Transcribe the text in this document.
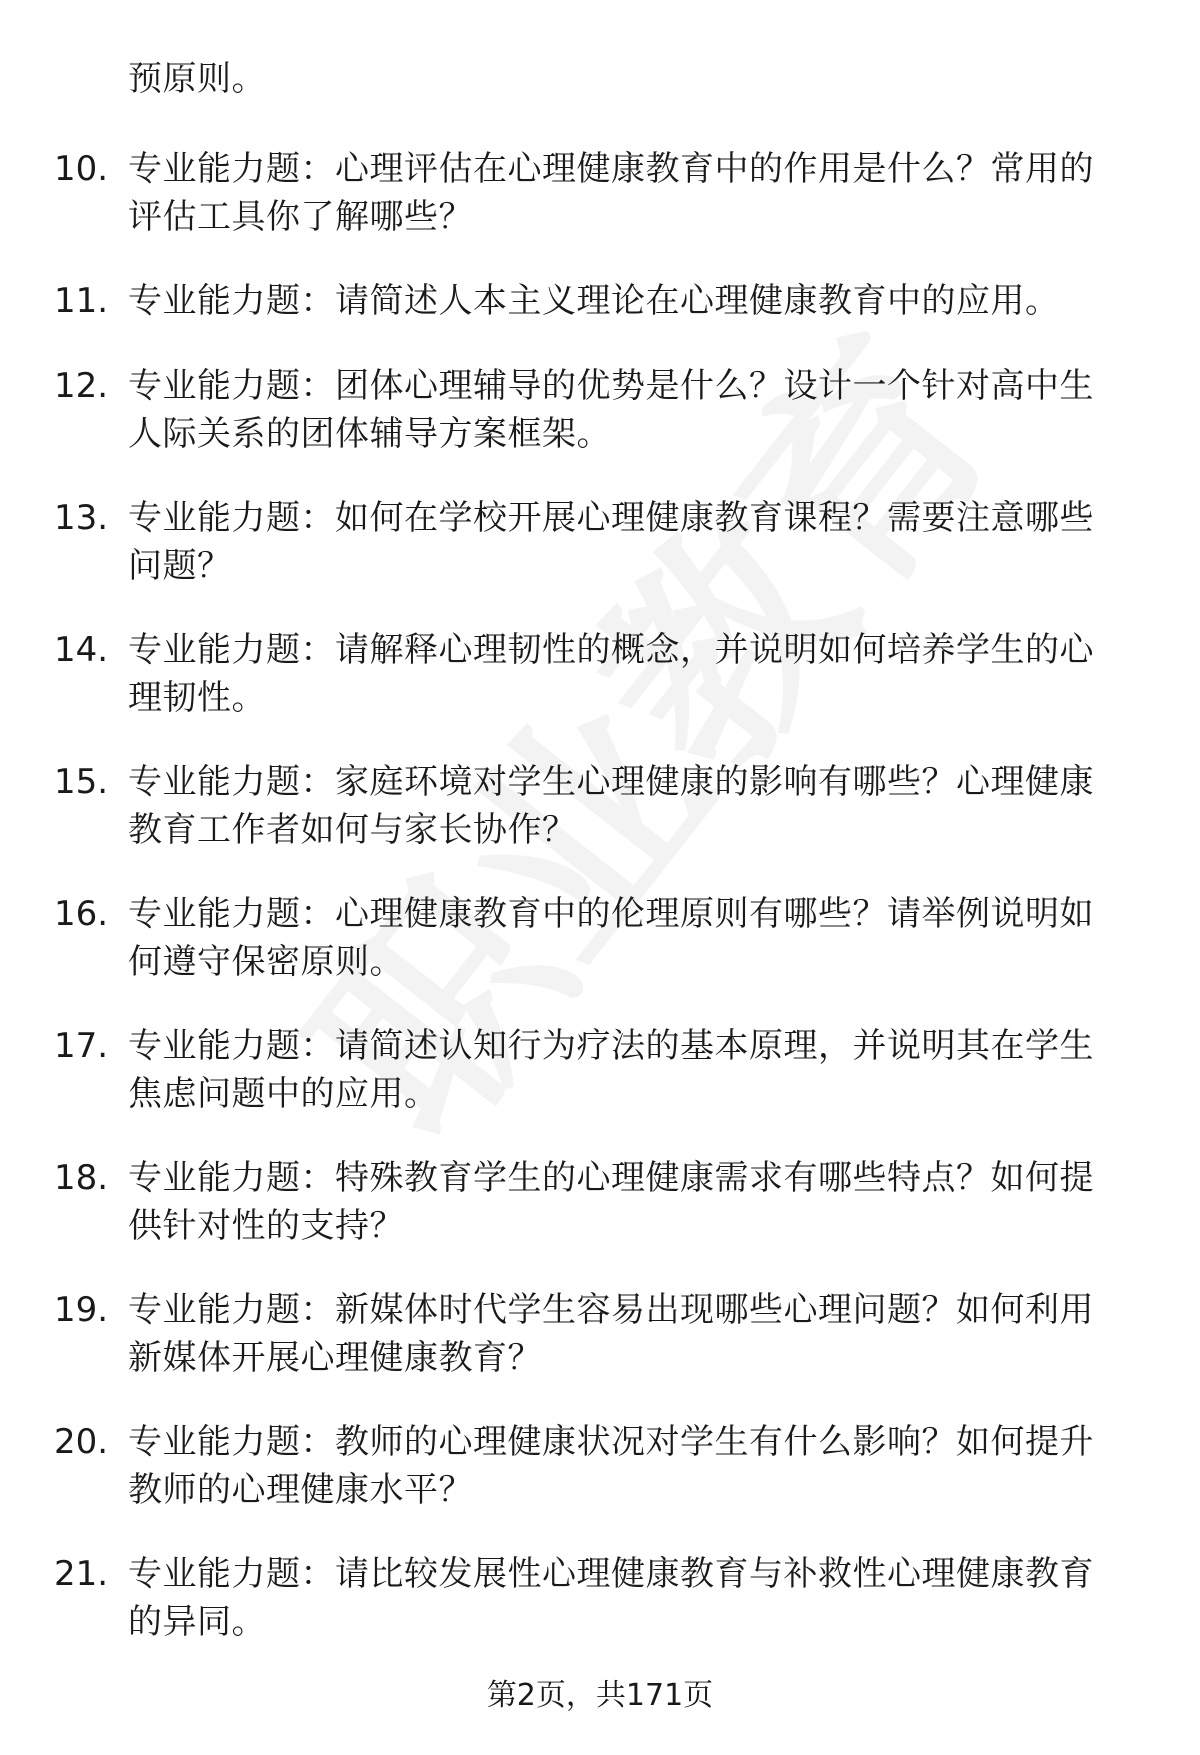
预原则。
10. 专业能力题：心理评估在心理健康教育中的作用是什么？常用的
评估工具你了解哪些？
11. 专业能力题：请简述人本主义理论在心理健康教育中的应用。
12. 专业能力题：团体心理辅导的优势是什么？设计一个针对高中生
人际关系的团体辅导方案框架。
13. 专业能力题：如何在学校开展心理健康教育课程？需要注意哪些
问题？
14. 专业能力题：请解释心理韧性的概念，并说明如何培养学生的心
理韧性。
15. 专业能力题：家庭环境对学生心理健康的影响有哪些？心理健康
教育工作者如何与家长协作？
16. 专业能力题：心理健康教育中的伦理原则有哪些？请举例说明如
何遵守保密原则。
17. 专业能力题：请简述认知行为疗法的基本原理，并说明其在学生
焦虑问题中的应用。
18. 专业能力题：特殊教育学生的心理健康需求有哪些特点？如何提
供针对性的支持？
19. 专业能力题：新媒体时代学生容易出现哪些心理问题？如何利用
新媒体开展心理健康教育？
20. 专业能力题：教师的心理健康状况对学生有什么影响？如何提升
教师的心理健康水平？
21. 专业能力题：请比较发展性心理健康教育与补救性心理健康教育
的异同。
第2页，共171页
